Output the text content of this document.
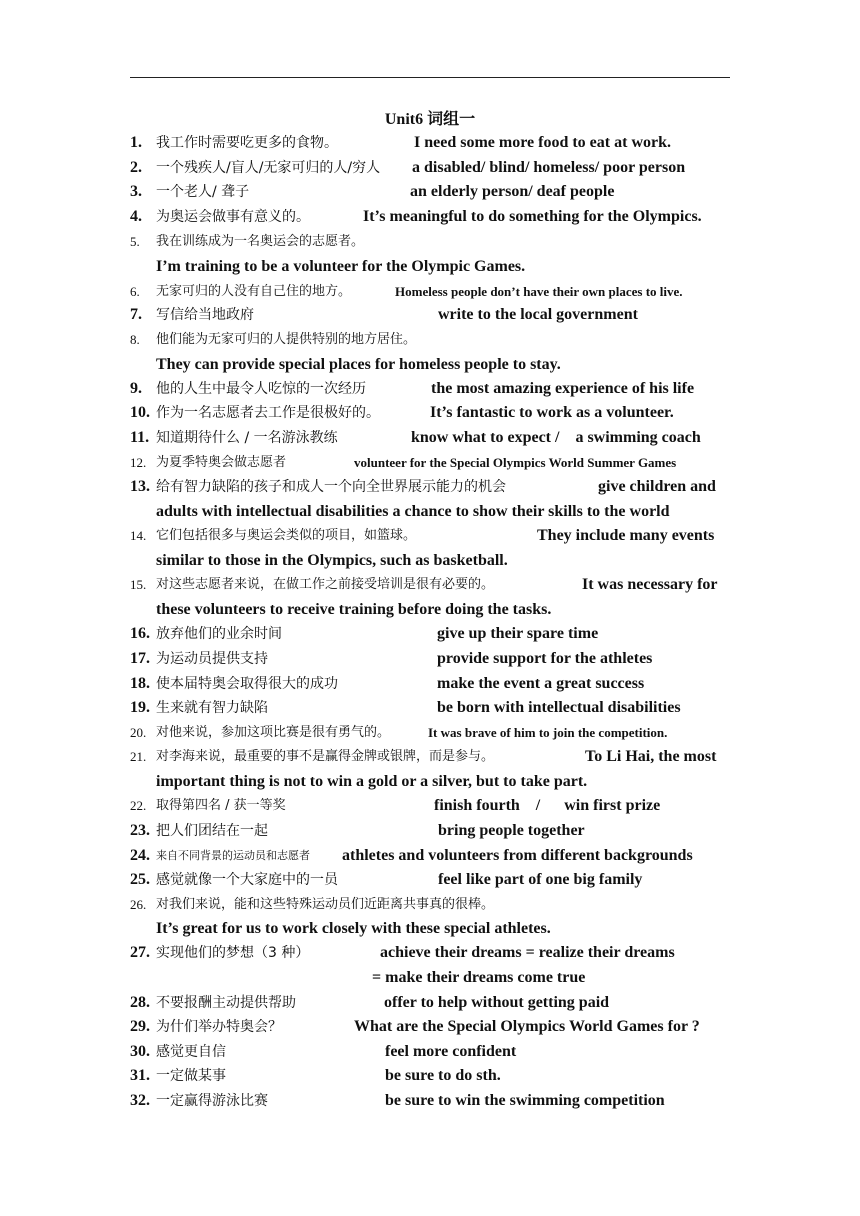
Unit6 词组一
1. 我工作时需要吃更多的食物。	I need some more food to eat at work.
2. 一个残疾人/盲人/无家可归的人/穷人 a disabled/ blind/ homeless/ poor person
3. 一个老人/ 聋子	an elderly person/ deaf people
4. 为奥运会做事有意义的。	It’s meaningful to do something for the Olympics.
5. 我在训练成为一名奥运会的志愿者。
I’m training to be a volunteer for the Olympic Games.
6. 无家可归的人没有自己住的地方。	Homeless people don’t have their own places to live.
7. 写信给当地政府	write to the local government
8. 他们能为无家可归的人提供特别的地方居住。
They can provide special places for homeless people to stay.
9. 他的人生中最令人吃惊的一次经历	the most amazing experience of his life
10. 作为一名志愿者去工作是很极好的。	It’s fantastic to work as a volunteer.
11. 知道期待什么 / 一名游泳教练	know what to expect /    a swimming coach
12. 为夏季特奥会做志愿者	volunteer for the Special Olympics World Summer Games
13. 给有智力缺陷的孩子和成人一个向全世界展示能力的机会	give children and
adults with intellectual disabilities a chance to show their skills to the world
14. 它们包括很多与奥运会类似的项目，如篮球。	They include many events
similar to those in the Olympics, such as basketball.
15. 对这些志愿者来说，在做工作之前接受培训是很有必要的。	It was necessary for
these volunteers to receive training before doing the tasks.
16. 放弃他们的业余时间	give up their spare time
17. 为运动员提供支持	provide support for the athletes
18. 使本届特奥会取得很大的成功	make the event a great success
19. 生来就有智力缺陷	be born with intellectual disabilities
20. 对他来说，参加这项比赛是很有勇气的。	It was brave of him to join the competition.
21. 对李海来说，最重要的事不是赢得金牌或银牌，而是参与。	To Li Hai, the most
important thing is not to win a gold or a silver, but to take part.
22. 取得第四名 / 获一等奖	finish fourth    /      win first prize
23. 把人们团结在一起	bring people together
24. 来自不同背景的运动员和志愿者 athletes and volunteers from different backgrounds
25. 感觉就像一个大家庭中的一员	feel like part of one big family
26. 对我们来说，能和这些特殊运动员们近距离共事真的很棒。
It’s great for us to work closely with these special athletes.
27. 实现他们的梦想（3 种）	achieve their dreams = realize their dreams
= make their dreams come true
28. 不要报酬主动提供帮助	offer to help without getting paid
29. 为什们举办特奥会？	What are the Special Olympics World Games for ?
30. 感觉更自信	feel more confident
31. 一定做某事	be sure to do sth.
32. 一定赢得游泳比赛	be sure to win the swimming competition
